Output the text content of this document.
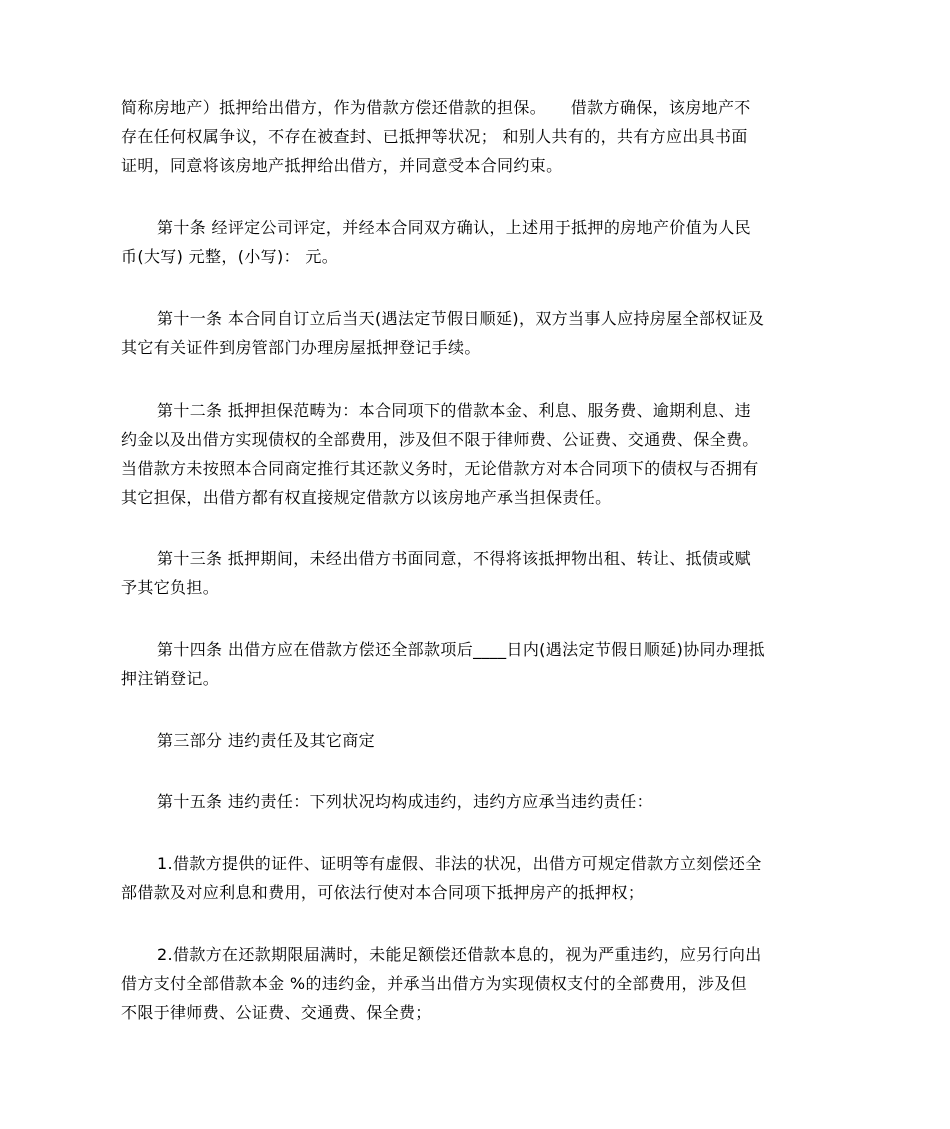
简称房地产）抵押给出借方，作为借款方偿还借款的担保。　　借款方确保，该房地产不
存在任何权属争议，不存在被查封、已抵押等状况； 和别人共有的，共有方应出具书面
证明，同意将该房地产抵押给出借方，并同意受本合同约束。
第十条 经评定公司评定，并经本合同双方确认，上述用于抵押的房地产价值为人民
币(大写) 元整，(小写)： 元。
第十一条 本合同自订立后当天(遇法定节假日顺延)，双方当事人应持房屋全部权证及
其它有关证件到房管部门办理房屋抵押登记手续。
第十二条 抵押担保范畴为：本合同项下的借款本金、利息、服务费、逾期利息、违
约金以及出借方实现债权的全部费用，涉及但不限于律师费、公证费、交通费、保全费。
当借款方未按照本合同商定推行其还款义务时，无论借款方对本合同项下的债权与否拥有
其它担保，出借方都有权直接规定借款方以该房地产承当担保责任。
第十三条 抵押期间，未经出借方书面同意，不得将该抵押物出租、转让、抵债或赋
予其它负担。
第十四条 出借方应在借款方偿还全部款项后____日内(遇法定节假日顺延)协同办理抵
押注销登记。
第三部分 违约责任及其它商定
第十五条 违约责任：下列状况均构成违约，违约方应承当违约责任：
1.借款方提供的证件、证明等有虚假、非法的状况，出借方可规定借款方立刻偿还全
部借款及对应利息和费用，可依法行使对本合同项下抵押房产的抵押权；
2.借款方在还款期限届满时，未能足额偿还借款本息的，视为严重违约，应另行向出
借方支付全部借款本金 %的违约金，并承当出借方为实现债权支付的全部费用，涉及但
不限于律师费、公证费、交通费、保全费；
